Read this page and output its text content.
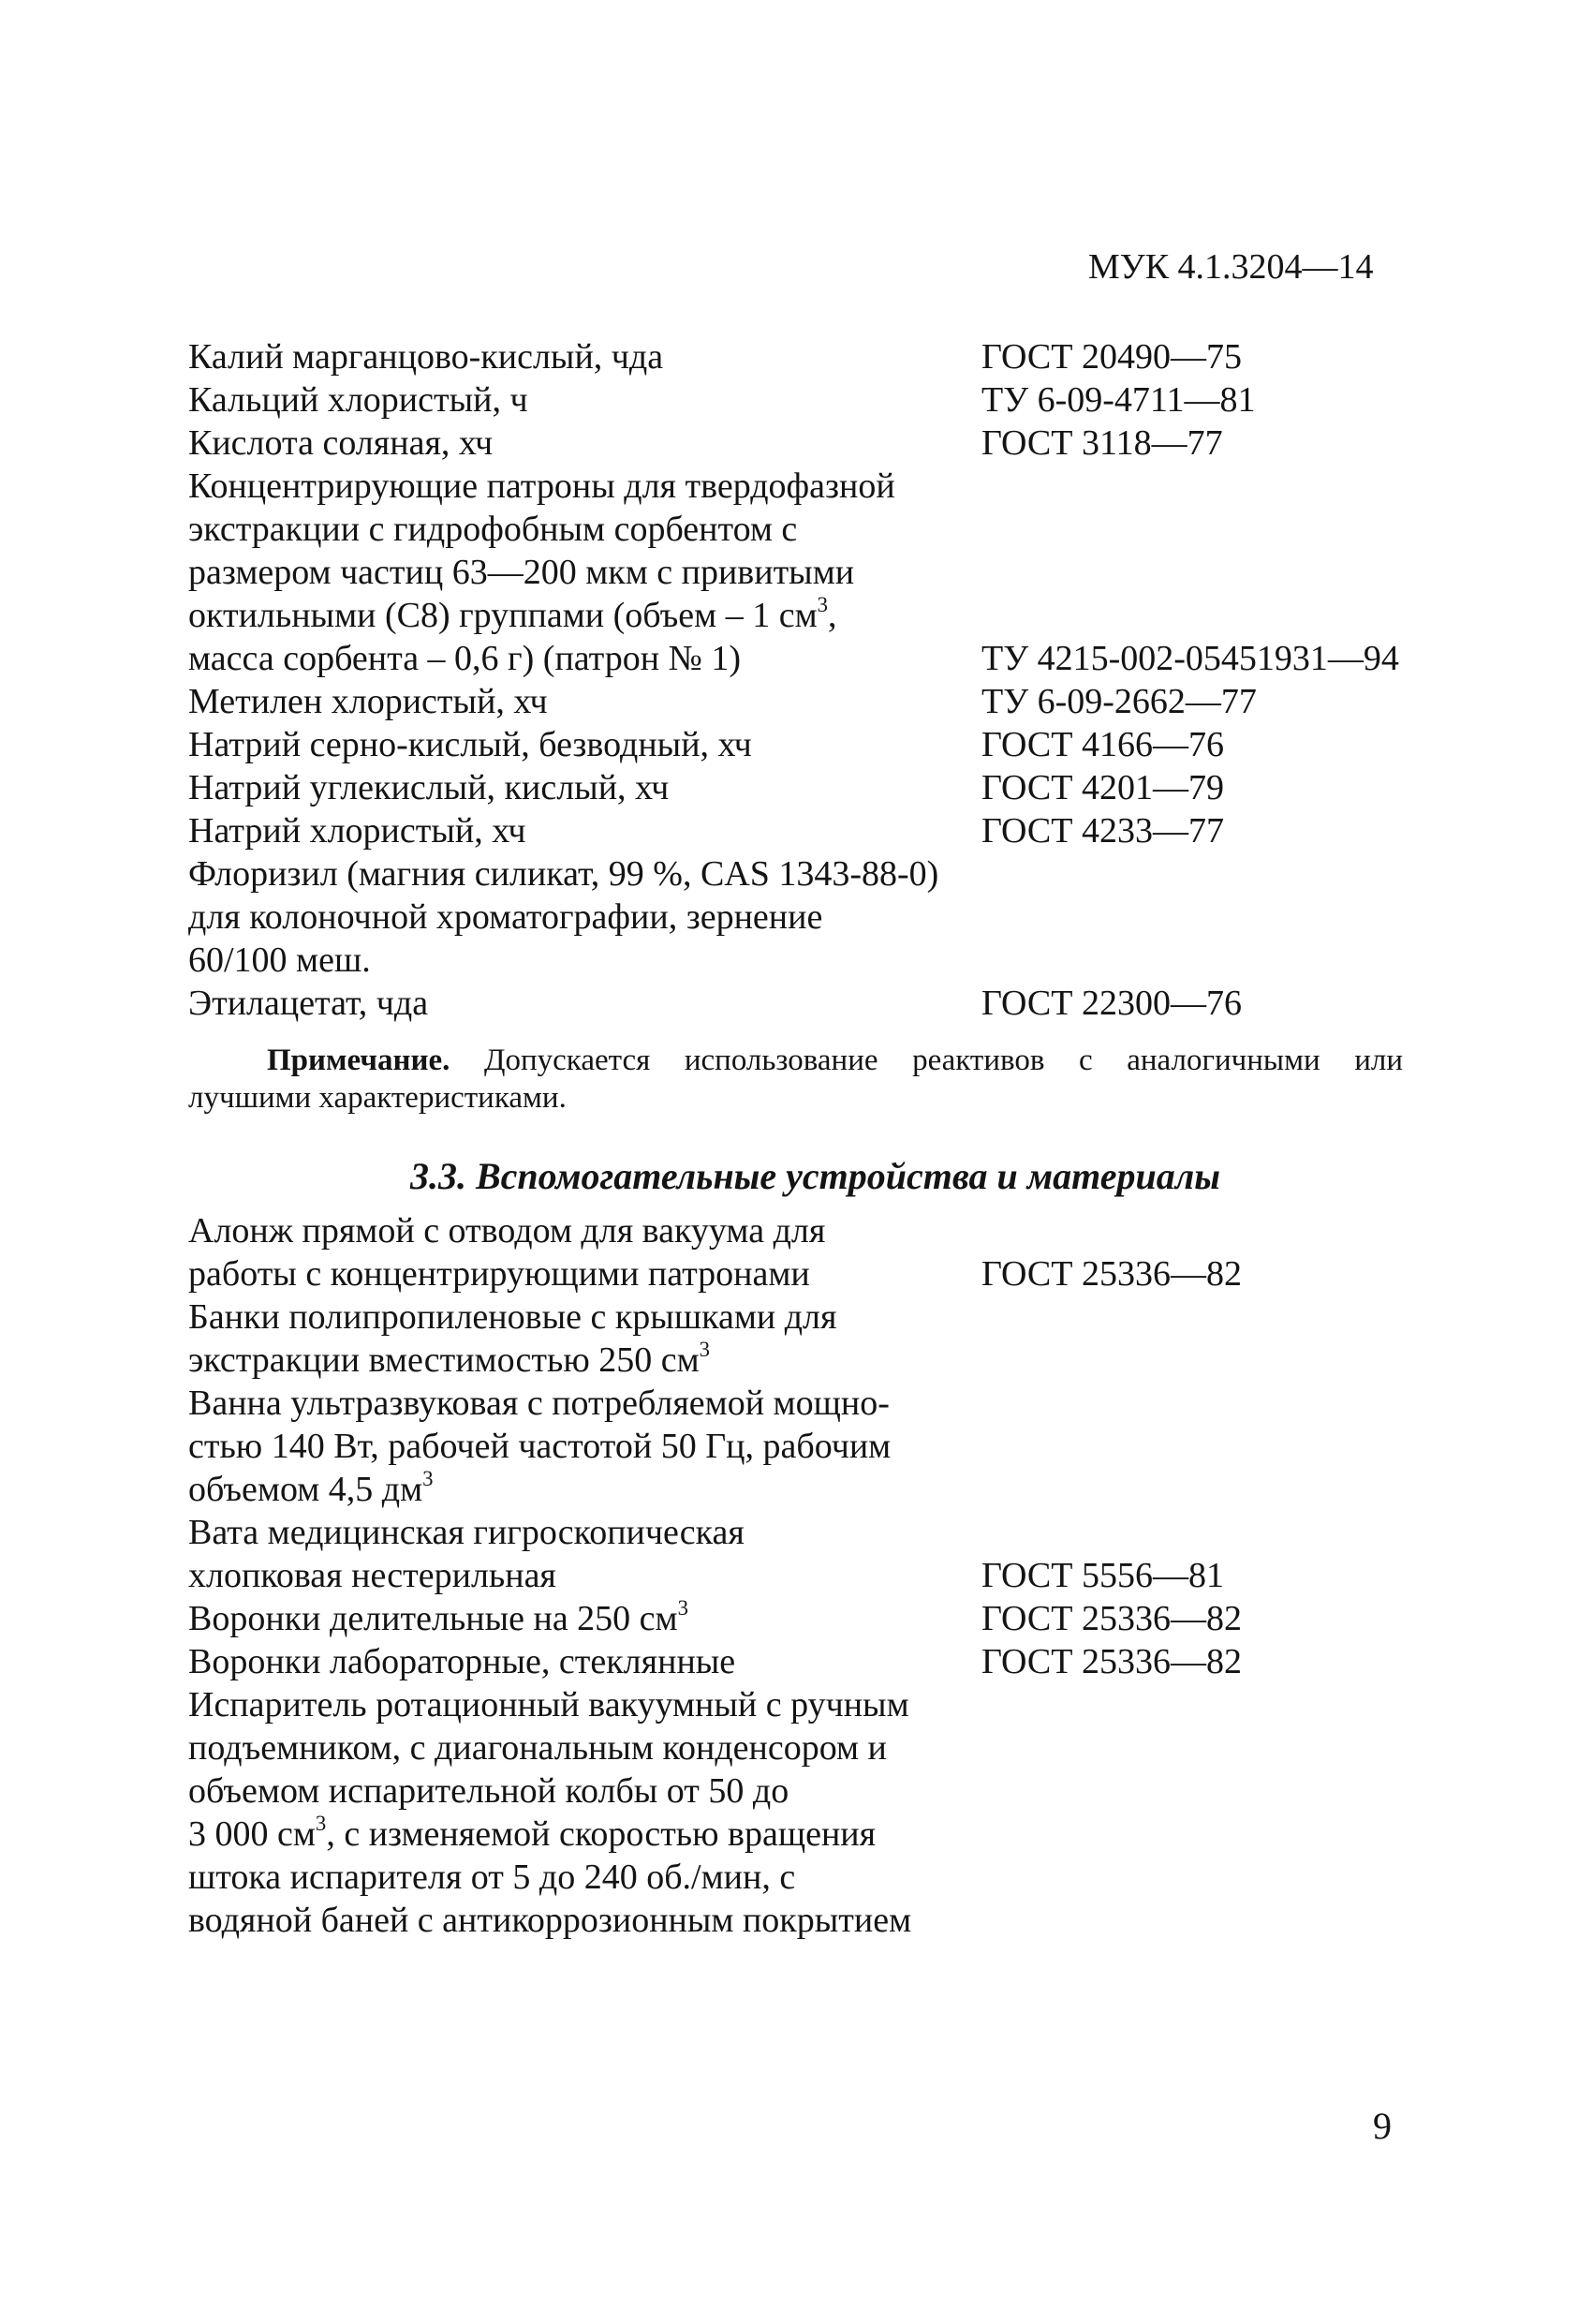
МУК 4.1.3204—14
Калий марганцово-кислый, чда	ГОСТ 20490—75
Кальций хлористый, ч	ТУ 6-09-4711—81
Кислота соляная, хч	ГОСТ 3118—77
Концентрирующие патроны для твердофазной
экстракции с гидрофобным сорбентом с
размером частиц 63—200 мкм с привитыми
октильными (С8) группами (объем – 1 $см^3$,
масса сорбента – 0,6 г) (патрон № 1)	ТУ 4215-002-05451931—94
Метилен хлористый, хч	ТУ 6-09-2662—77
Натрий серно-кислый, безводный, хч	ГОСТ 4166—76
Натрий углекислый, кислый, хч	ГОСТ 4201—79
Натрий хлористый, хч	ГОСТ 4233—77
Флоризил (магния силикат, 99 %, CAS 1343-88-0)
для колоночной хроматографии, зернение
60/100 меш.
Этилацетат, чда	ГОСТ 22300—76
Примечание. Допускается использование реактивов с аналогичными или
лучшими характеристиками.
3.3. Вспомогательные устройства и материалы
Алонж прямой с отводом для вакуума для
работы с концентрирующими патронами	ГОСТ 25336—82
Банки полипропиленовые с крышками для
экстракции вместимостью 250 $см^3$
Ванна ультразвуковая с потребляемой мощно-
стью 140 Вт, рабочей частотой 50 Гц, рабочим
объемом 4,5 $дм^3$
Вата медицинская гигроскопическая
хлопковая нестерильная	ГОСТ 5556—81
Воронки делительные на 250 $см^3$	ГОСТ 25336—82
Воронки лабораторные, стеклянные	ГОСТ 25336—82
Испаритель ротационный вакуумный с ручным
подъемником, с диагональным конденсором и
объемом испарительной колбы от 50 до
3 000 $см^3$, с изменяемой скоростью вращения
штока испарителя от 5 до 240 об./мин, с
водяной баней с антикоррозионным покрытием
9
